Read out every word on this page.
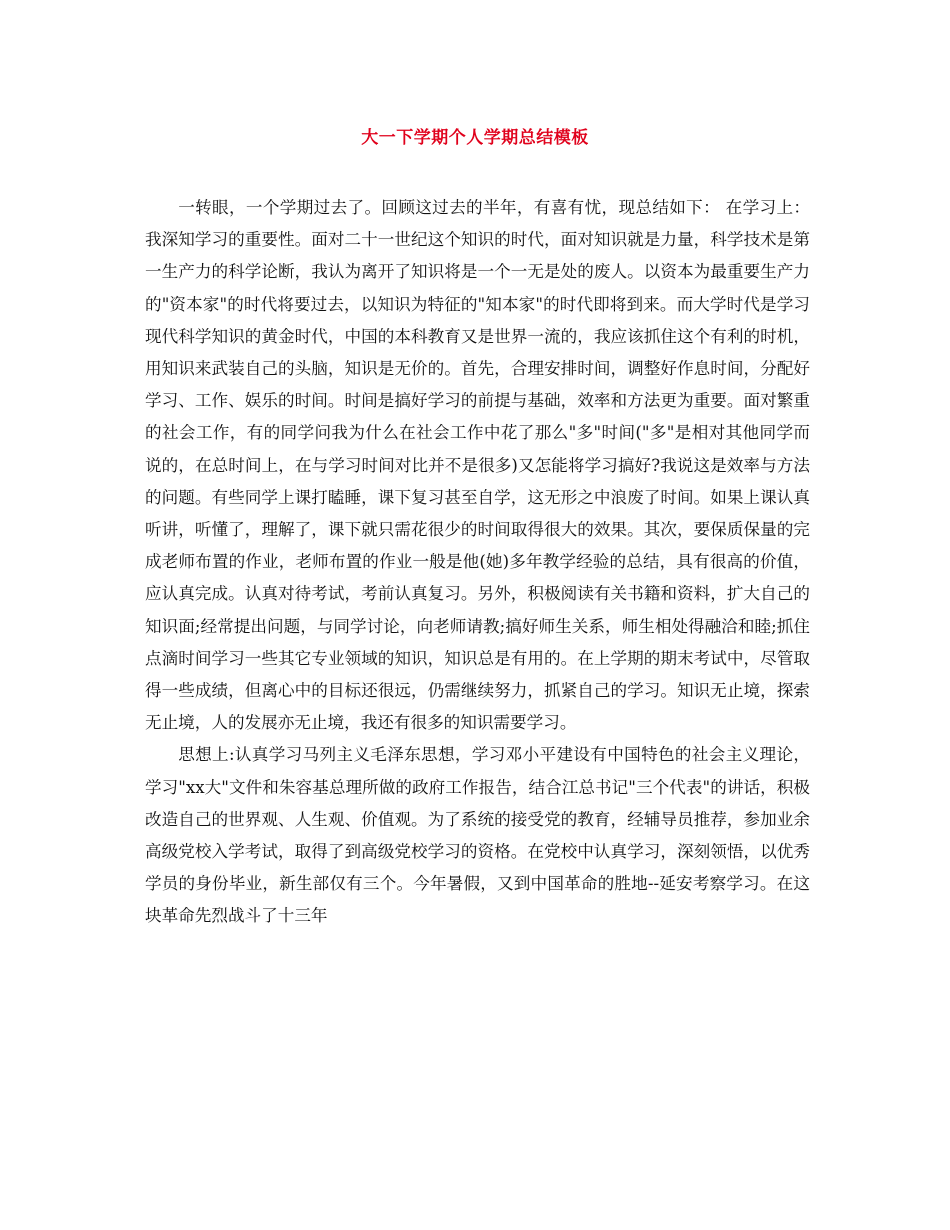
大一下学期个人学期总结模板

一转眼，一个学期过去了。回顾这过去的半年，有喜有忧，现总结如下： 在学习上：我深知学习的重要性。面对二十一世纪这个知识的时代，面对知识就是力量，科学技术是第一生产力的科学论断，我认为离开了知识将是一个一无是处的废人。以资本为最重要生产力的"资本家"的时代将要过去，以知识为特征的"知本家"的时代即将到来。而大学时代是学习现代科学知识的黄金时代，中国的本科教育又是世界一流的，我应该抓住这个有利的时机，用知识来武装自己的头脑，知识是无价的。首先，合理安排时间，调整好作息时间，分配好学习、工作、娱乐的时间。时间是搞好学习的前提与基础，效率和方法更为重要。面对繁重的社会工作，有的同学问我为什么在社会工作中花了那么"多"时间("多"是相对其他同学而说的，在总时间上，在与学习时间对比并不是很多)又怎能将学习搞好?我说这是效率与方法的问题。有些同学上课打瞌睡，课下复习甚至自学，这无形之中浪废了时间。如果上课认真听讲，听懂了，理解了，课下就只需花很少的时间取得很大的效果。其次，要保质保量的完成老师布置的作业，老师布置的作业一般是他(她)多年教学经验的总结，具有很高的价值，应认真完成。认真对待考试，考前认真复习。另外，积极阅读有关书籍和资料，扩大自己的知识面;经常提出问题，与同学讨论，向老师请教;搞好师生关系，师生相处得融洽和睦;抓住点滴时间学习一些其它专业领域的知识，知识总是有用的。在上学期的期末考试中，尽管取得一些成绩，但离心中的目标还很远，仍需继续努力，抓紧自己的学习。知识无止境，探索无止境，人的发展亦无止境，我还有很多的知识需要学习。

思想上:认真学习马列主义毛泽东思想，学习邓小平建设有中国特色的社会主义理论，学习"xx大"文件和朱容基总理所做的政府工作报告，结合江总书记"三个代表"的讲话，积极改造自己的世界观、人生观、价值观。为了系统的接受党的教育，经辅导员推荐，参加业余高级党校入学考试，取得了到高级党校学习的资格。在党校中认真学习，深刻领悟，以优秀学员的身份毕业，新生部仅有三个。今年暑假，又到中国革命的胜地--延安考察学习。在这块革命先烈战斗了十三年
